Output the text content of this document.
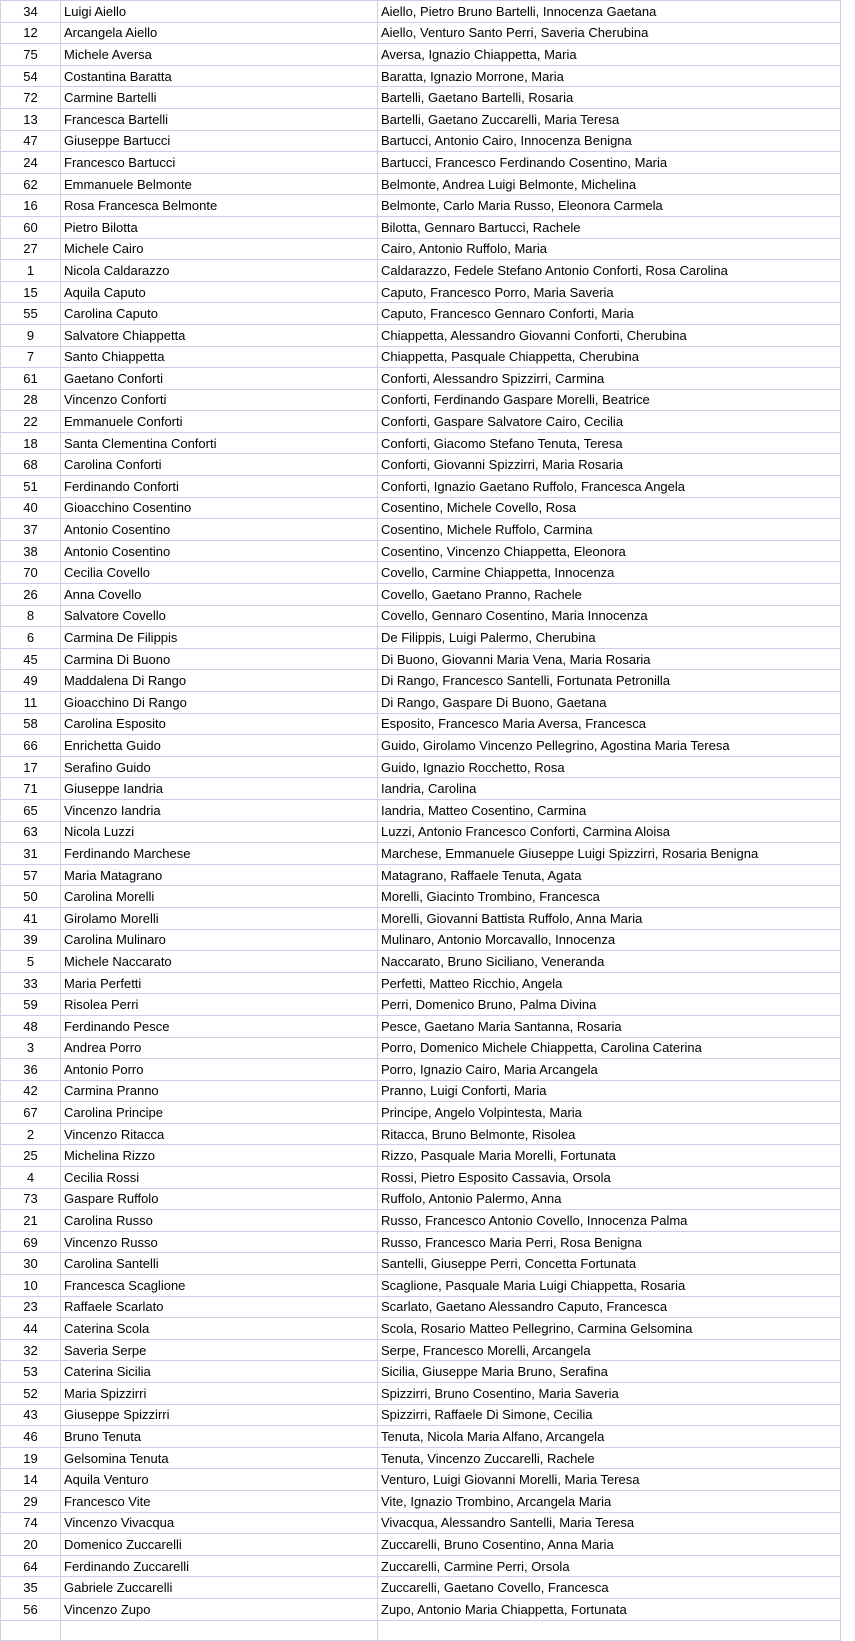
34	Luigi Aiello	Aiello, Pietro Bruno Bartelli, Innocenza Gaetana
12	Arcangela Aiello	Aiello, Venturo Santo Perri, Saveria Cherubina
75	Michele Aversa	Aversa, Ignazio Chiappetta, Maria
54	Costantina Baratta	Baratta, Ignazio Morrone, Maria
72	Carmine Bartelli	Bartelli, Gaetano Bartelli, Rosaria
13	Francesca Bartelli	Bartelli, Gaetano Zuccarelli, Maria Teresa
47	Giuseppe Bartucci	Bartucci, Antonio Cairo, Innocenza Benigna
24	Francesco Bartucci	Bartucci, Francesco Ferdinando Cosentino, Maria
62	Emmanuele Belmonte	Belmonte, Andrea Luigi Belmonte, Michelina
16	Rosa Francesca Belmonte	Belmonte, Carlo Maria Russo, Eleonora Carmela
60	Pietro Bilotta	Bilotta, Gennaro Bartucci, Rachele
27	Michele Cairo	Cairo, Antonio Ruffolo, Maria
1	Nicola Caldarazzo	Caldarazzo, Fedele Stefano Antonio Conforti, Rosa Carolina
15	Aquila Caputo	Caputo, Francesco Porro, Maria Saveria
55	Carolina Caputo	Caputo, Francesco Gennaro Conforti, Maria
9	Salvatore Chiappetta	Chiappetta, Alessandro Giovanni Conforti, Cherubina
7	Santo Chiappetta	Chiappetta, Pasquale Chiappetta, Cherubina
61	Gaetano Conforti	Conforti, Alessandro Spizzirri, Carmina
28	Vincenzo Conforti	Conforti, Ferdinando Gaspare Morelli, Beatrice
22	Emmanuele Conforti	Conforti, Gaspare Salvatore Cairo, Cecilia
18	Santa Clementina Conforti	Conforti, Giacomo Stefano Tenuta, Teresa
68	Carolina Conforti	Conforti, Giovanni Spizzirri, Maria Rosaria
51	Ferdinando Conforti	Conforti, Ignazio Gaetano Ruffolo, Francesca Angela
40	Gioacchino Cosentino	Cosentino, Michele Covello, Rosa
37	Antonio Cosentino	Cosentino, Michele Ruffolo, Carmina
38	Antonio Cosentino	Cosentino, Vincenzo Chiappetta, Eleonora
70	Cecilia Covello	Covello, Carmine Chiappetta, Innocenza
26	Anna Covello	Covello, Gaetano Pranno, Rachele
8	Salvatore Covello	Covello, Gennaro Cosentino, Maria Innocenza
6	Carmina De Filippis	De Filippis, Luigi Palermo, Cherubina
45	Carmina Di Buono	Di Buono, Giovanni Maria Vena, Maria Rosaria
49	Maddalena Di Rango	Di Rango, Francesco Santelli, Fortunata Petronilla
11	Gioacchino Di Rango	Di Rango, Gaspare Di Buono, Gaetana
58	Carolina Esposito	Esposito, Francesco Maria Aversa, Francesca
66	Enrichetta Guido	Guido, Girolamo Vincenzo Pellegrino, Agostina Maria Teresa
17	Serafino Guido	Guido, Ignazio Rocchetto, Rosa
71	Giuseppe Iandria	Iandria, Carolina
65	Vincenzo Iandria	Iandria, Matteo Cosentino, Carmina
63	Nicola Luzzi	Luzzi, Antonio Francesco Conforti, Carmina Aloisa
31	Ferdinando Marchese	Marchese, Emmanuele Giuseppe Luigi Spizzirri, Rosaria Benigna
57	Maria Matagrano	Matagrano, Raffaele Tenuta, Agata
50	Carolina Morelli	Morelli, Giacinto Trombino, Francesca
41	Girolamo Morelli	Morelli, Giovanni Battista Ruffolo, Anna Maria
39	Carolina Mulinaro	Mulinaro, Antonio Morcavallo, Innocenza
5	Michele Naccarato	Naccarato, Bruno Siciliano, Veneranda
33	Maria Perfetti	Perfetti, Matteo Ricchio, Angela
59	Risolea Perri	Perri, Domenico Bruno, Palma Divina
48	Ferdinando Pesce	Pesce, Gaetano Maria Santanna, Rosaria
3	Andrea Porro	Porro, Domenico Michele Chiappetta, Carolina Caterina
36	Antonio Porro	Porro, Ignazio Cairo, Maria Arcangela
42	Carmina Pranno	Pranno, Luigi Conforti, Maria
67	Carolina Principe	Principe, Angelo Volpintesta, Maria
2	Vincenzo Ritacca	Ritacca, Bruno Belmonte, Risolea
25	Michelina Rizzo	Rizzo, Pasquale Maria Morelli, Fortunata
4	Cecilia Rossi	Rossi, Pietro Esposito Cassavia, Orsola
73	Gaspare Ruffolo	Ruffolo, Antonio Palermo, Anna
21	Carolina Russo	Russo, Francesco Antonio Covello, Innocenza Palma
69	Vincenzo Russo	Russo, Francesco Maria Perri, Rosa Benigna
30	Carolina Santelli	Santelli, Giuseppe Perri, Concetta Fortunata
10	Francesca Scaglione	Scaglione, Pasquale Maria Luigi Chiappetta, Rosaria
23	Raffaele Scarlato	Scarlato, Gaetano Alessandro Caputo, Francesca
44	Caterina Scola	Scola, Rosario Matteo Pellegrino, Carmina Gelsomina
32	Saveria Serpe	Serpe, Francesco Morelli, Arcangela
53	Caterina Sicilia	Sicilia, Giuseppe Maria Bruno, Serafina
52	Maria Spizzirri	Spizzirri, Bruno Cosentino, Maria Saveria
43	Giuseppe Spizzirri	Spizzirri, Raffaele Di Simone, Cecilia
46	Bruno Tenuta	Tenuta, Nicola Maria Alfano, Arcangela
19	Gelsomina Tenuta	Tenuta, Vincenzo Zuccarelli, Rachele
14	Aquila Venturo	Venturo, Luigi Giovanni Morelli, Maria Teresa
29	Francesco Vite	Vite, Ignazio Trombino, Arcangela Maria
74	Vincenzo Vivacqua	Vivacqua, Alessandro Santelli, Maria Teresa
20	Domenico Zuccarelli	Zuccarelli, Bruno Cosentino, Anna Maria
64	Ferdinando Zuccarelli	Zuccarelli, Carmine Perri, Orsola
35	Gabriele Zuccarelli	Zuccarelli, Gaetano Covello, Francesca
56	Vincenzo Zupo	Zupo, Antonio Maria Chiappetta, Fortunata
